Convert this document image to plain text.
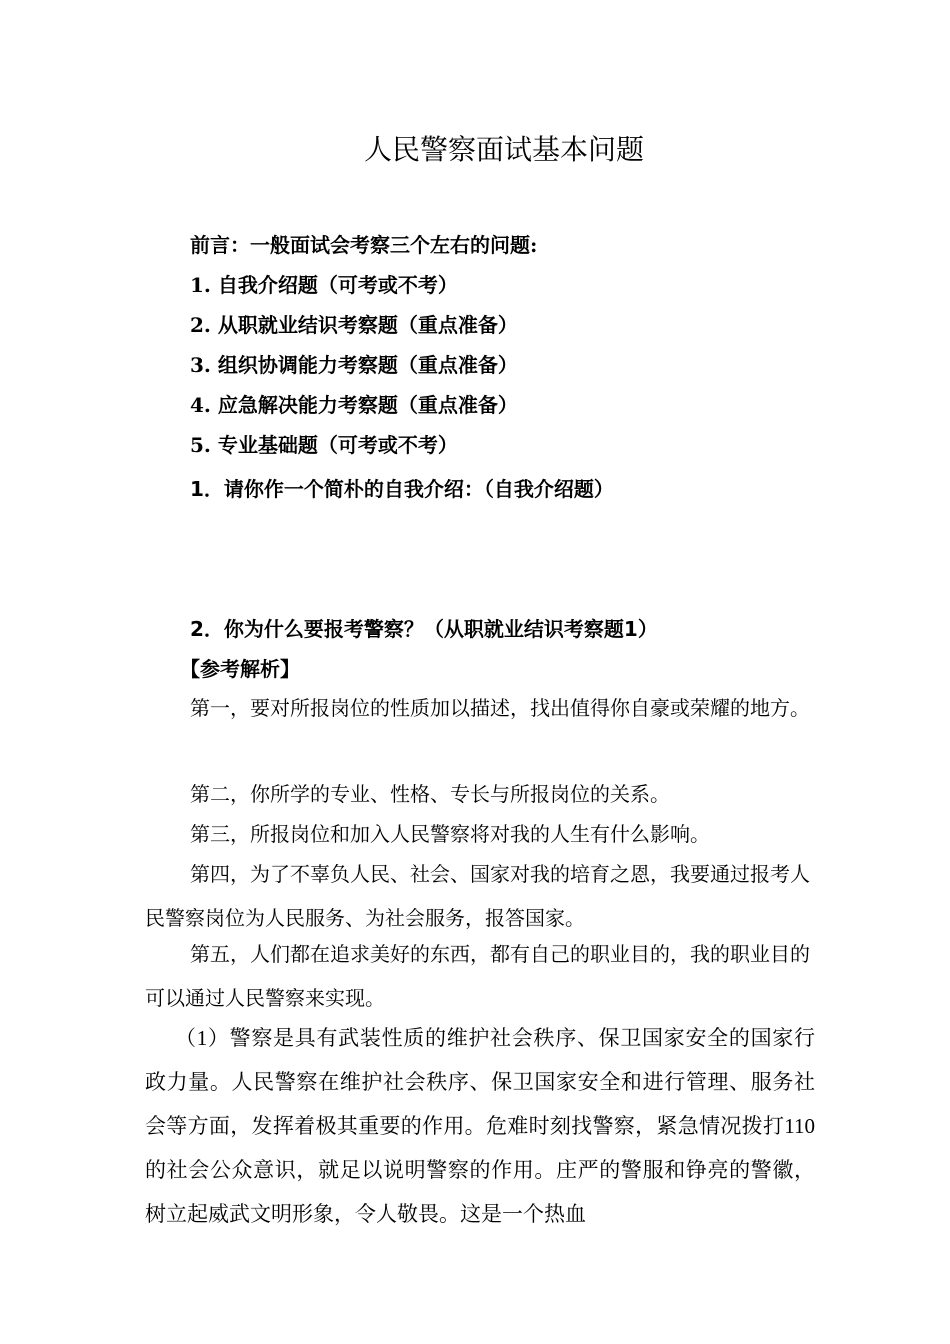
人民警察面试基本问题

前言：一般面试会考察三个左右的问题:

1. 自我介绍题（可考或不考）

2. 从职就业结识考察题（重点准备）

3. 组织协调能力考察题（重点准备）

4. 应急解决能力考察题（重点准备）

5. 专业基础题（可考或不考）

1．请你作一个简朴的自我介绍：（自我介绍题）

2．你为什么要报考警察？（从职就业结识考察题1）

【参考解析】

第一，要对所报岗位的性质加以描述，找出值得你自豪或荣耀的地方。

第二，你所学的专业、性格、专长与所报岗位的关系。

第三，所报岗位和加入人民警察将对我的人生有什么影响。

第四，为了不辜负人民、社会、国家对我的培育之恩，我要通过报考人民警察岗位为人民服务、为社会服务，报答国家。

第五，人们都在追求美好的东西，都有自己的职业目的，我的职业目的可以通过人民警察来实现。

（1）警察是具有武装性质的维护社会秩序、保卫国家安全的国家行政力量。人民警察在维护社会秩序、保卫国家安全和进行管理、服务社会等方面，发挥着极其重要的作用。危难时刻找警察，紧急情况拨打110的社会公众意识，就足以说明警察的作用。庄严的警服和铮亮的警徽，树立起威武文明形象，令人敬畏。这是一个热血
